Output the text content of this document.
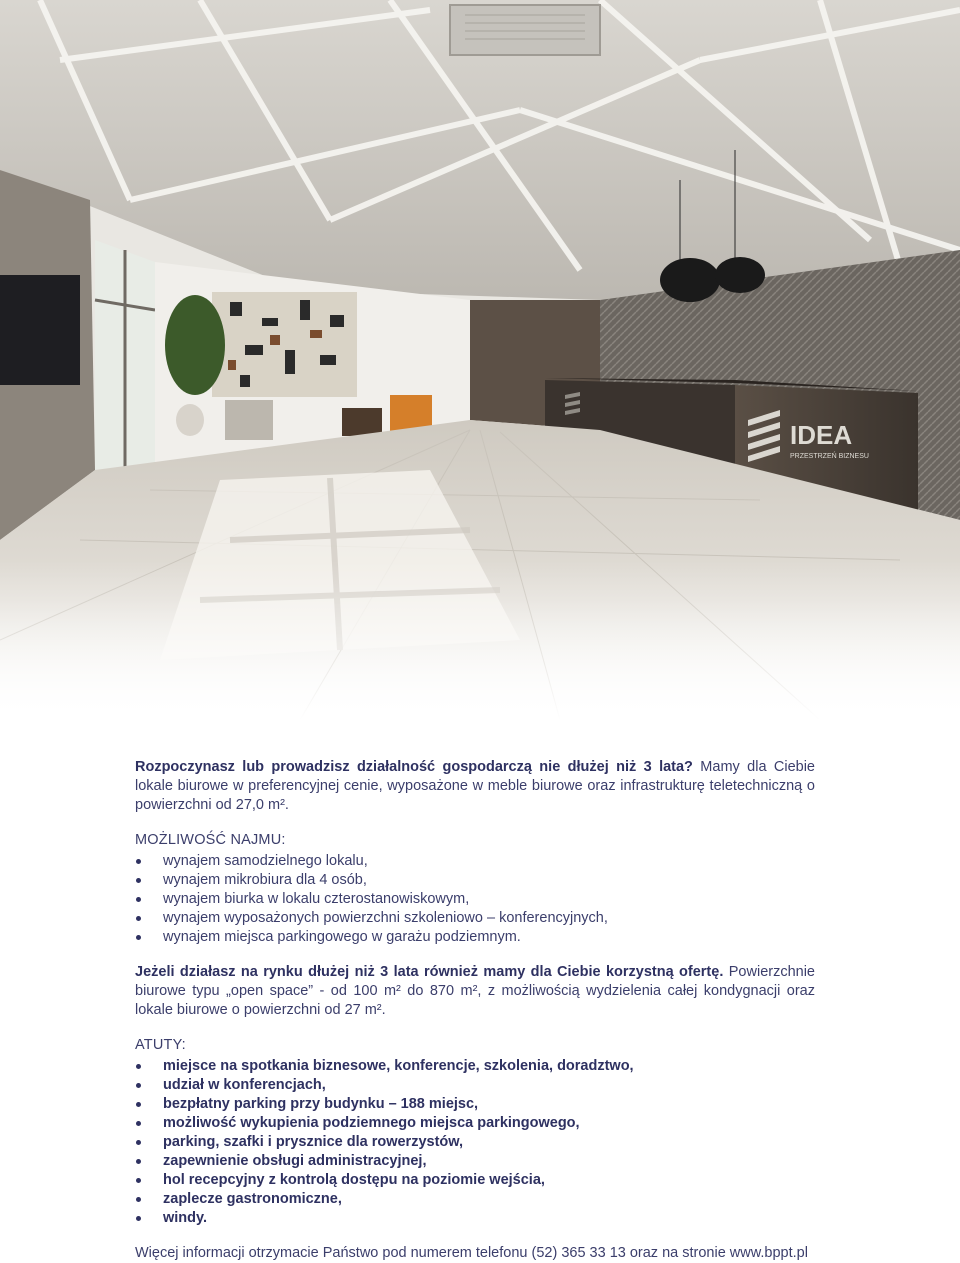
IDEA
PRZESTRZEŃ BIZNESU

Rozpoczynasz lub prowadzisz działalność gospodarczą nie dłużej niż 3 lata? Mamy dla Ciebie lokale biurowe w preferencyjnej cenie, wyposażone w meble biurowe oraz infrastrukturę teletechniczną o powierzchni od 27,0 m².

MOŻLIWOŚĆ NAJMU:
wynajem samodzielnego lokalu,
wynajem mikrobiura dla 4 osób,
wynajem biurka w lokalu czterostanowiskowym,
wynajem wyposażonych powierzchni szkoleniowo – konferencyjnych,
wynajem miejsca parkingowego w garażu podziemnym.

Jeżeli działasz na rynku dłużej niż 3 lata również mamy dla Ciebie korzystną ofertę. Powierzchnie biurowe typu „open space” - od 100 m² do 870 m², z możliwością wydzielenia całej kondygnacji oraz lokale biurowe o powierzchni od 27 m².

ATUTY:
miejsce na spotkania biznesowe, konferencje, szkolenia, doradztwo,
udział w konferencjach,
bezpłatny parking przy budynku – 188 miejsc,
możliwość wykupienia podziemnego miejsca parkingowego,
parking, szafki i prysznice dla rowerzystów,
zapewnienie obsługi administracyjnej,
hol recepcyjny z kontrolą dostępu na poziomie wejścia,
zaplecze gastronomiczne,
windy.
Więcej informacji otrzymacie Państwo pod numerem telefonu (52) 365 33 13 oraz na stronie www.bppt.pl
